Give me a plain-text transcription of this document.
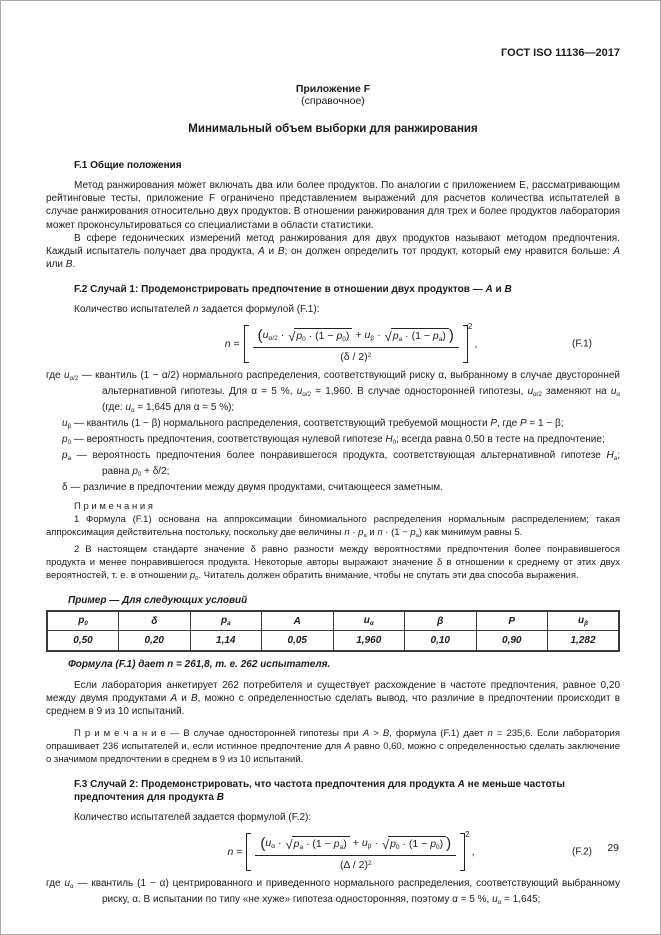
ГОСТ ISO 11136—2017
Приложение F
(справочное)
Минимальный объем выборки для ранжирования
F.1 Общие положения

Метод ранжирования может включать два или более продуктов. По аналогии с приложением E, рассматривающим рейтинговые тесты, приложение F ограничено представлением выражений для расчетов количества испытателей в случае ранжирования относительно двух продуктов. В отношении ранжирования для трех и более продуктов лаборатория может проконсультироваться со специалистами в области статистики.

В сфере гедонических измерений метод ранжирования для двух продуктов называют методом предпочтения. Каждый испытатель получает два продукта, A и B; он должен определить тот продукт, который ему нравится больше: A или B.

F.2 Случай 1: Продемонстрировать предпочтение в отношении двух продуктов — A и B

Количество испытателей n задается формулой (F.1):

n = ( $u_{\alpha/2}$ · √ $p_0 \cdot (1 - p_0) + u_\beta$ · √ $p_a \cdot (1 - p_a)$ )
(δ / 2)$^2$
2
,	(F.1)
где $u_{\alpha/2}$ — квантиль (1 − α/2) нормального распределения, соответствующий риску α, выбранному в случае двусторонней альтернативной гипотезы. Для α = 5 %, $u_{\alpha/2} = 1,960$. В случае односторонней гипотезы, $u_{\alpha/2}$ заменяют на $u_\alpha$ (где: $u_\alpha = 1,645$ для α = 5 %);
$u_\beta$ — квантиль (1 − β) нормального распределения, соответствующий требуемой мощности P, где P = 1 − β;
$p_0$ — вероятность предпочтения, соответствующая нулевой гипотезе $H_0$; всегда равна 0,50 в тесте на предпочтение;
$p_a$ — вероятность предпочтения более понравившегося продукта, соответствующая альтернативной гипотезе $H_a$; равна $p_0 + \delta/2$;
δ — различие в предпочтении между двумя продуктами, считающееся заметным.
П р и м е ч а н и я

1 Формула (F.1) основана на аппроксимации биномиального распределения нормальным распределением; такая аппроксимация действительна постольку, поскольку две величины $n \cdot p_a$ и $n \cdot (1 - p_a)$ как минимум равны 5.

2 В настоящем стандарте значение δ равно разности между вероятностями предпочтения более понравившегося продукта и менее понравившегося продукта. Некоторые авторы выражают значение δ в отношении к среднему от этих двух вероятностей, т. е. в отношении $p_0$. Читатель должен обратить внимание, чтобы не спутать эти два способа выражения.

Пример — Для следующих условий
$p_0$	δ	$p_a$	A	$u_\alpha$	β	P	$u_\beta$
0,50	0,20	1,14	0,05	1,960	0,10	0,90	1,282
Формула (F.1) дает n = 261,8, т. е. 262 испытателя.

Если лаборатория анкетирует 262 потребителя и существует расхождение в частоте предпочтения, равное 0,20 между двумя продуктами A и B, можно с определенностью сделать вывод, что различие в предпочтении происходит в среднем в 9 из 10 испытаний.

П р и м е ч а н и е — В случае односторонней гипотезы при A > B, формула (F.1) дает n = 235,6. Если лаборатория опрашивает 236 испытателей и, если истинное предпочтение для A равно 0,60, можно с определенностью сделать заключение о значимом предпочтении в среднем в 9 из 10 испытаний.

F.3 Случай 2: Продемонстрировать, что частота предпочтения для продукта A не меньше частоты предпочтения для продукта B

Количество испытателей задается формулой (F.2):

n = ( $u_\alpha$ · √ $p_a \cdot (1 - p_a) + u_\beta$ · √ $p_0 \cdot (1 - p_0)$ )
(Δ / 2)$^2$
2
,	(F.2)
где $u_\alpha$ — квантиль (1 − α) центрированного и приведенного нормального распределения, соответствующий выбранному риску, α. В испытании по типу «не хуже» гипотеза односторонняя, поэтому α = 5 %, $u_\alpha = 1,645$;
29
